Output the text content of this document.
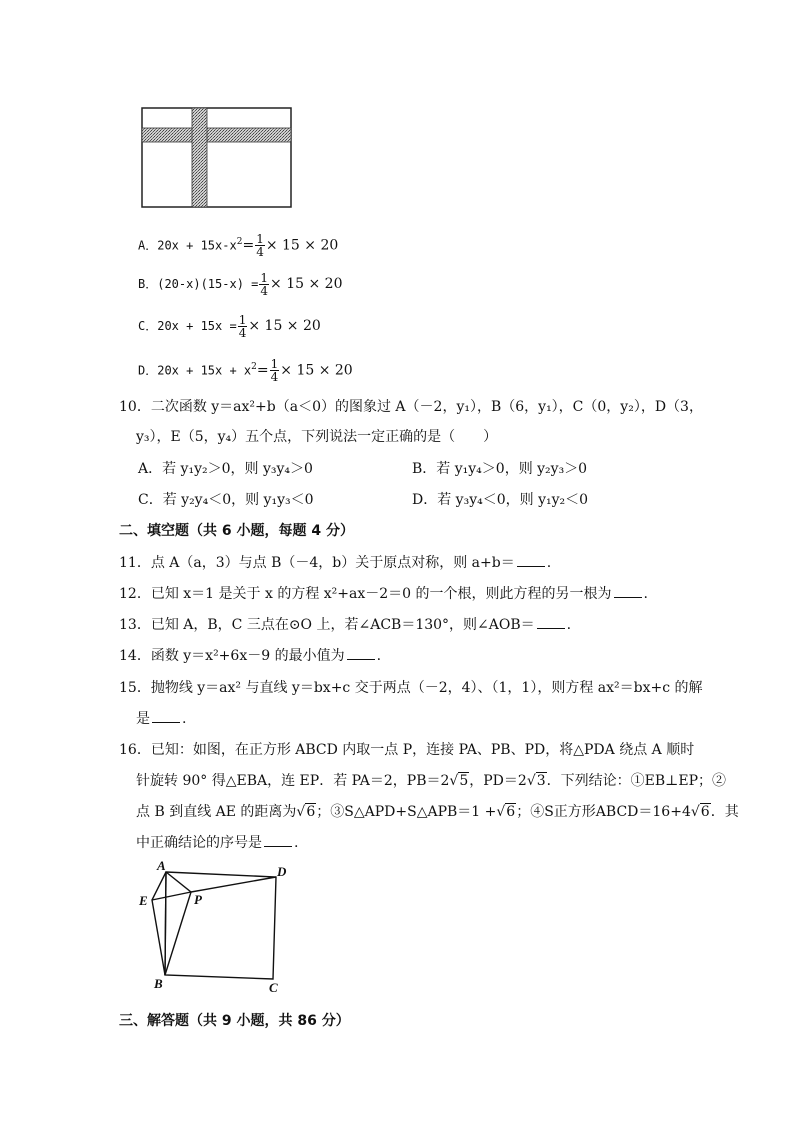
A．$20x + 15x-x^2= \frac{1}{4} \times 15 \times 20$
B．$(20-x)(15-x) = \frac{1}{4} \times 15 \times 20$
C．$20x + 15x = \frac{1}{4} \times 15 \times 20$
D．$20x + 15x + x^2= \frac{1}{4} \times 15 \times 20$
10．二次函数 y＝ax²+b（a＜0）的图象过 A（－2，y₁），B（6，y₁），C（0，y₂），D（3，
y₃），E（5，y₄）五个点，下列说法一定正确的是（　　）
A．若 y₁y₂＞0，则 y₃y₄＞0	B．若 y₁y₄＞0，则 y₂y₃＞0
C．若 y₂y₄＜0，则 y₁y₃＜0	D．若 y₃y₄＜0，则 y₁y₂＜0
二、填空题（共 6 小题，每题 4 分）
11．点 A（a，3）与点 B（－4，b）关于原点对称，则 a+b＝ .
12．已知 x＝1 是关于 x 的方程 x²+ax－2＝0 的一个根，则此方程的另一根为 .
13．已知 A，B，C 三点在⊙O 上，若∠ACB＝130°，则∠AOB＝ .
14．函数 y＝x²+6x－9 的最小值为 .
15．抛物线 y＝ax² 与直线 y＝bx+c 交于两点（－2，4）、（1，1），则方程 ax²＝bx+c 的解
是 .
16．已知：如图，在正方形 ABCD 内取一点 P，连接 PA、PB、PD，将△PDA 绕点 A 顺时
针旋转 90° 得△EBA，连 EP．若 PA＝2，PB＝2√5，PD＝2√3．下列结论：①EB⊥EP；②
点 B 到直线 AE 的距离为√6；③S△APD+S△APB＝1 +√6；④S正方形ABCD＝16+4√6．其
中正确结论的序号是 .
A	D
E	P
B	C
三、解答题（共 9 小题，共 86 分）
